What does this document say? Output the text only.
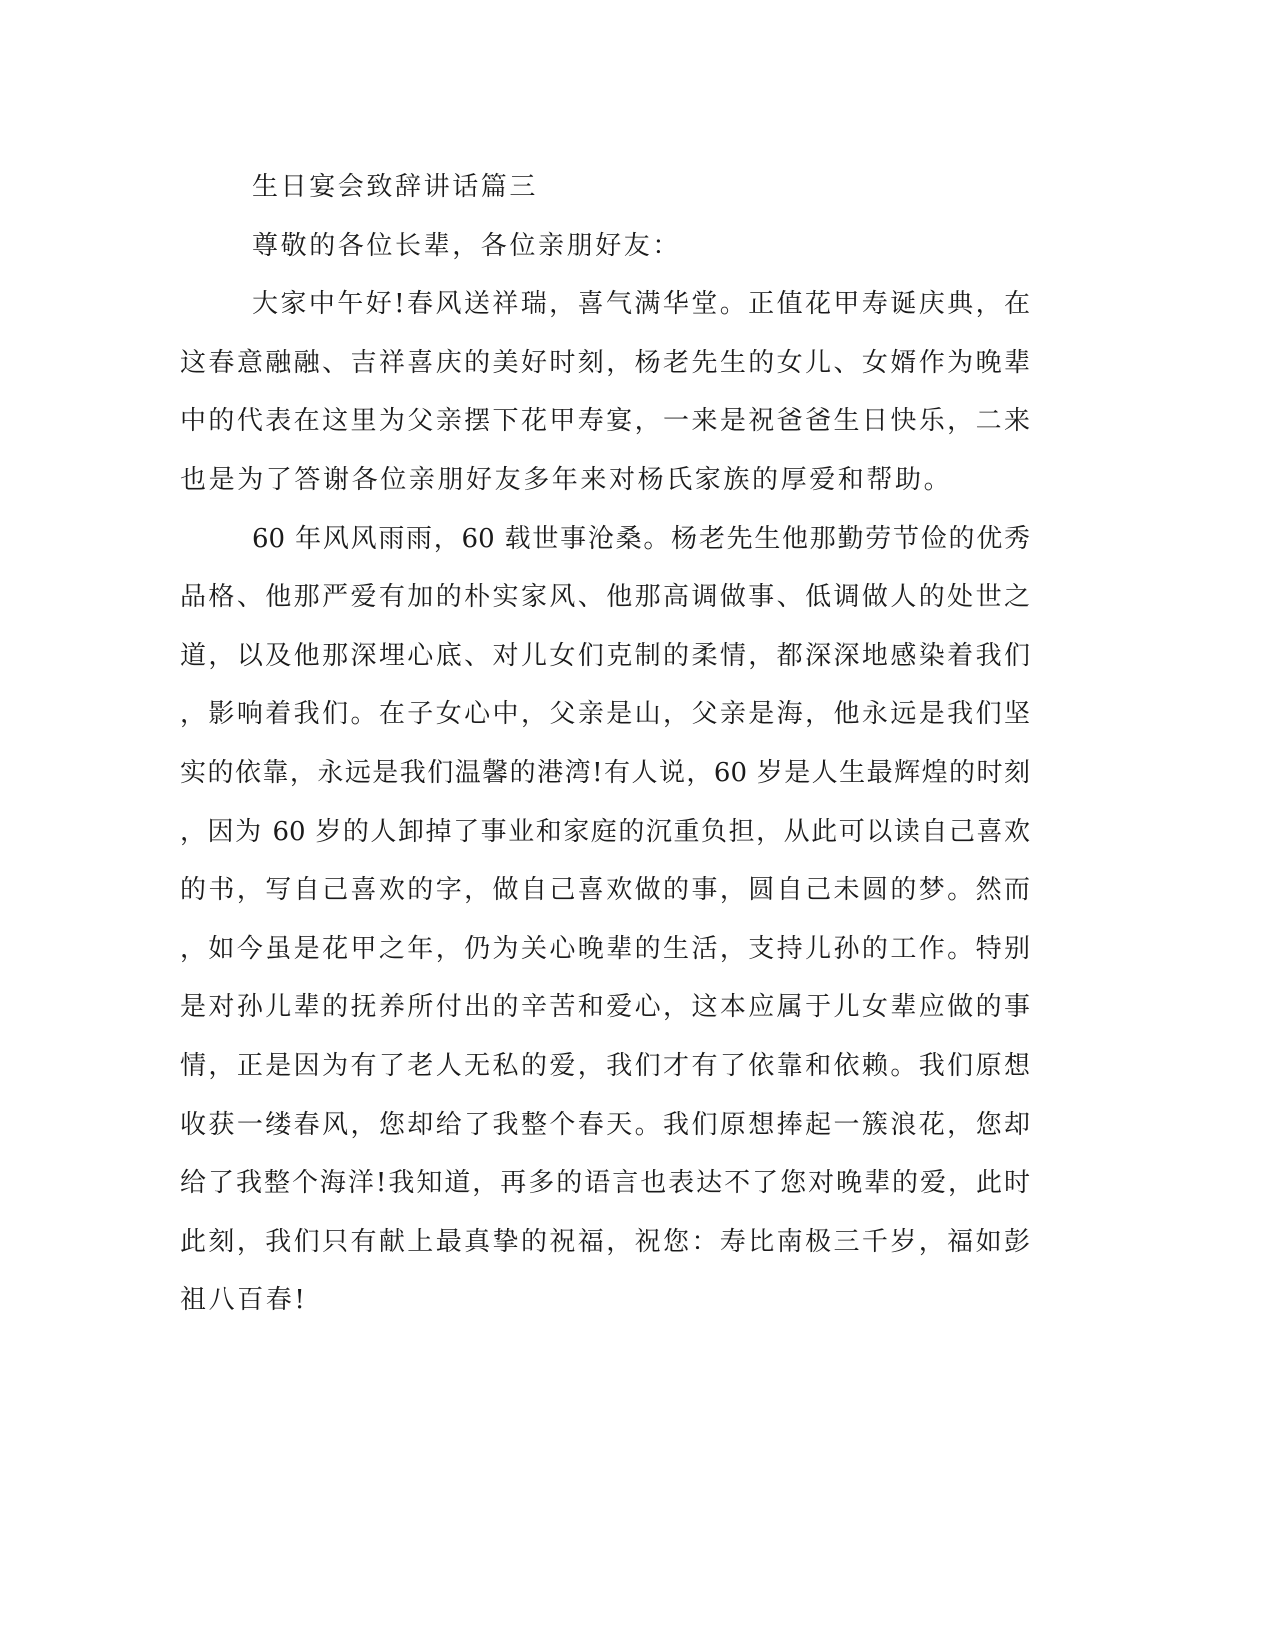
生日宴会致辞讲话篇三
尊敬的各位长辈，各位亲朋好友：
大家中午好!春风送祥瑞，喜气满华堂。正值花甲寿诞庆典，在
这春意融融、吉祥喜庆的美好时刻，杨老先生的女儿、女婿作为晚辈
中的代表在这里为父亲摆下花甲寿宴，一来是祝爸爸生日快乐，二来
也是为了答谢各位亲朋好友多年来对杨氏家族的厚爱和帮助。
60 年风风雨雨，60 载世事沧桑。杨老先生他那勤劳节俭的优秀
品格、他那严爱有加的朴实家风、他那高调做事、低调做人的处世之
道，以及他那深埋心底、对儿女们克制的柔情，都深深地感染着我们
，影响着我们。在子女心中，父亲是山，父亲是海，他永远是我们坚
实的依靠，永远是我们温馨的港湾!有人说，60 岁是人生最辉煌的时刻
，因为 60 岁的人卸掉了事业和家庭的沉重负担，从此可以读自己喜欢
的书，写自己喜欢的字，做自己喜欢做的事，圆自己未圆的梦。然而
，如今虽是花甲之年，仍为关心晚辈的生活，支持儿孙的工作。特别
是对孙儿辈的抚养所付出的辛苦和爱心，这本应属于儿女辈应做的事
情，正是因为有了老人无私的爱，我们才有了依靠和依赖。我们原想
收获一缕春风，您却给了我整个春天。我们原想捧起一簇浪花，您却
给了我整个海洋!我知道，再多的语言也表达不了您对晚辈的爱，此时
此刻，我们只有献上最真挚的祝福，祝您：寿比南极三千岁，福如彭
祖八百春!
